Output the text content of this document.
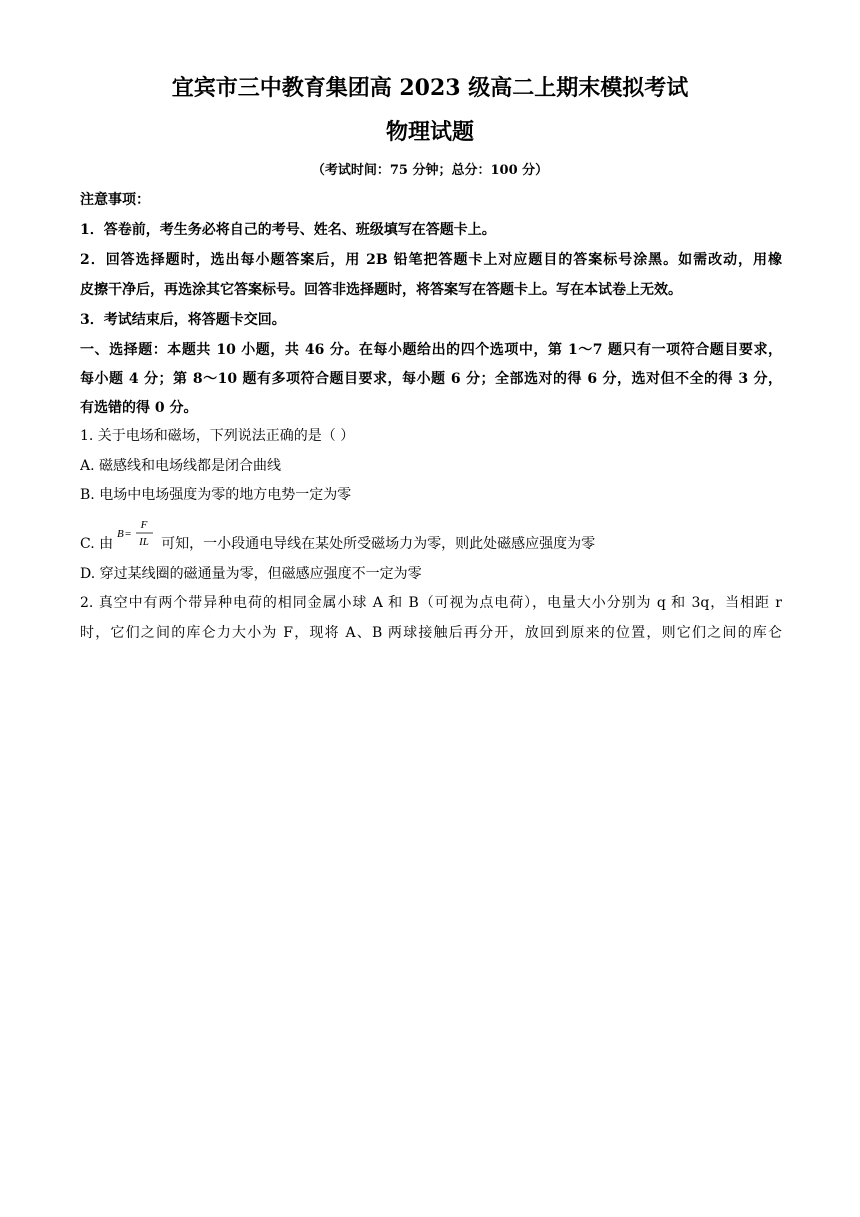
宜宾市三中教育集团高 2023 级高二上期末模拟考试
物理试题
（考试时间：75 分钟；总分：100 分）
注意事项：
1．答卷前，考生务必将自己的考号、姓名、班级填写在答题卡上。
2．回答选择题时，选出每小题答案后，用 2B 铅笔把答题卡上对应题目的答案标号涂黑。如需改动，用橡
皮擦干净后，再选涂其它答案标号。回答非选择题时，将答案写在答题卡上。写在本试卷上无效。
3．考试结束后，将答题卡交回。
一、选择题：本题共 10 小题，共 46 分。在每小题给出的四个选项中，第 1～7 题只有一项符合题目要求，
每小题 4 分；第 8～10 题有多项符合题目要求，每小题 6 分；全部选对的得 6 分，选对但不全的得 3 分，
有选错的得 0 分。
1. 关于电场和磁场，下列说法正确的是（ ）
A. 磁感线和电场线都是闭合曲线
B. 电场中电场强度为零的地方电势一定为零
C. 由
B =
F
IL 可知，一小段通电导线在某处所受磁场力为零，则此处磁感应强度为零
D. 穿过某线圈的磁通量为零，但磁感应强度不一定为零
2. 真空中有两个带异种电荷的相同金属小球 A 和 B（可视为点电荷），电量大小分别为 q 和 3q，当相距 r
时，它们之间的库仑力大小为 F，现将 A、B 两球接触后再分开，放回到原来的位置，则它们之间的库仑
